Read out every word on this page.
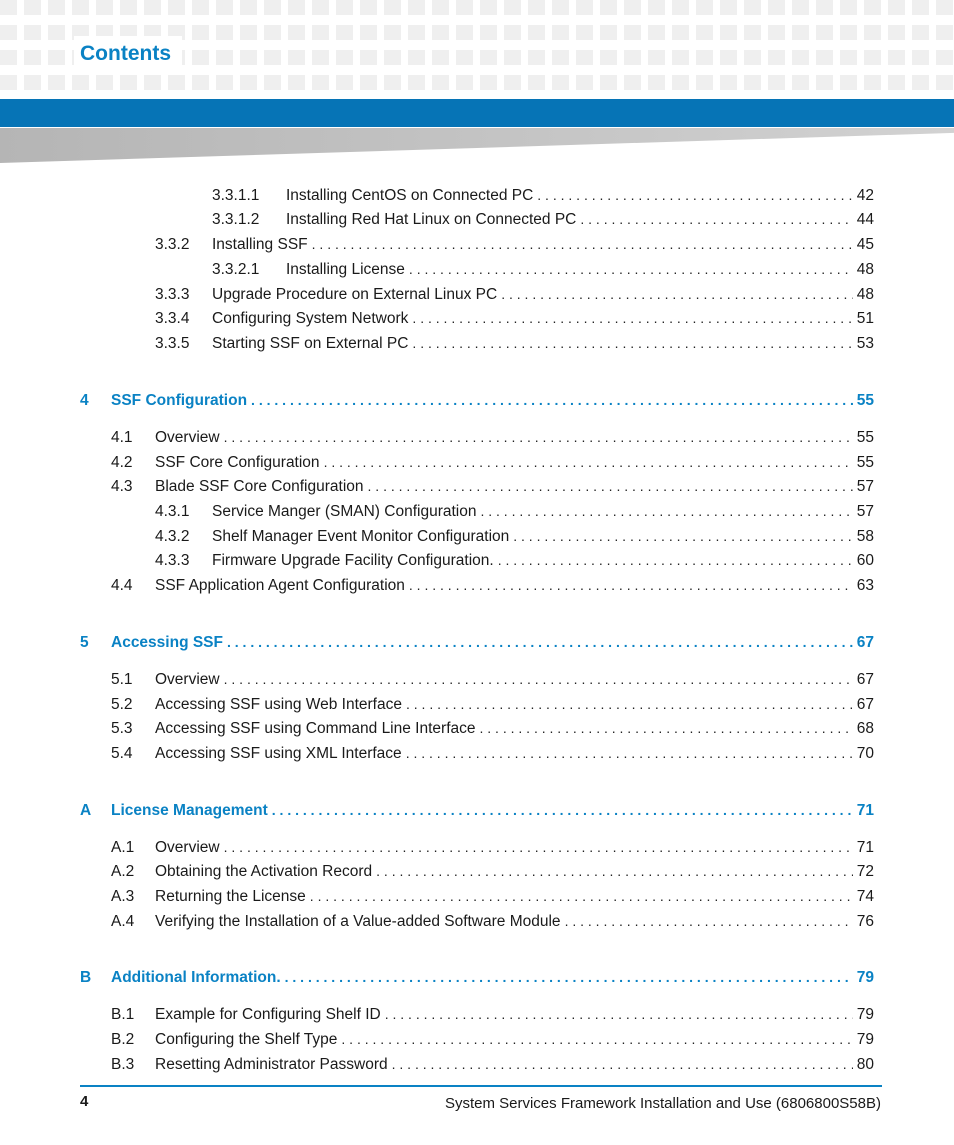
Contents
3.3.1.1	Installing CentOS on Connected PC . . .	42
3.3.1.2	Installing Red Hat Linux on Connected PC . . .	44
3.3.2	Installing SSF . . .	45
3.3.2.1	Installing License . . .	48
3.3.3	Upgrade Procedure on External Linux PC . . .	48
3.3.4	Configuring System Network . . .	51
3.3.5	Starting SSF on External PC . . .	53
4	SSF Configuration . . .	55
4.1	Overview . . .	55
4.2	SSF Core Configuration . . .	55
4.3	Blade SSF Core Configuration . . .	57
4.3.1	Service Manger (SMAN) Configuration . . .	57
4.3.2	Shelf Manager Event Monitor Configuration . . .	58
4.3.3	Firmware Upgrade Facility Configuration. . . .	60
4.4	SSF Application Agent Configuration . . .	63
5	Accessing SSF . . .	67
5.1	Overview . . .	67
5.2	Accessing SSF using Web Interface . . .	67
5.3	Accessing SSF using Command Line Interface . . .	68
5.4	Accessing SSF using XML Interface . . .	70
A	License Management . . .	71
A.1	Overview . . .	71
A.2	Obtaining the Activation Record . . .	72
A.3	Returning the License . . .	74
A.4	Verifying the Installation of a Value-added Software Module . . .	76
B	Additional Information. . . .	79
B.1	Example for Configuring Shelf ID . . .	79
B.2	Configuring the Shelf Type . . .	79
B.3	Resetting Administrator Password . . .	80
4	System Services Framework Installation and Use (6806800S58B)
